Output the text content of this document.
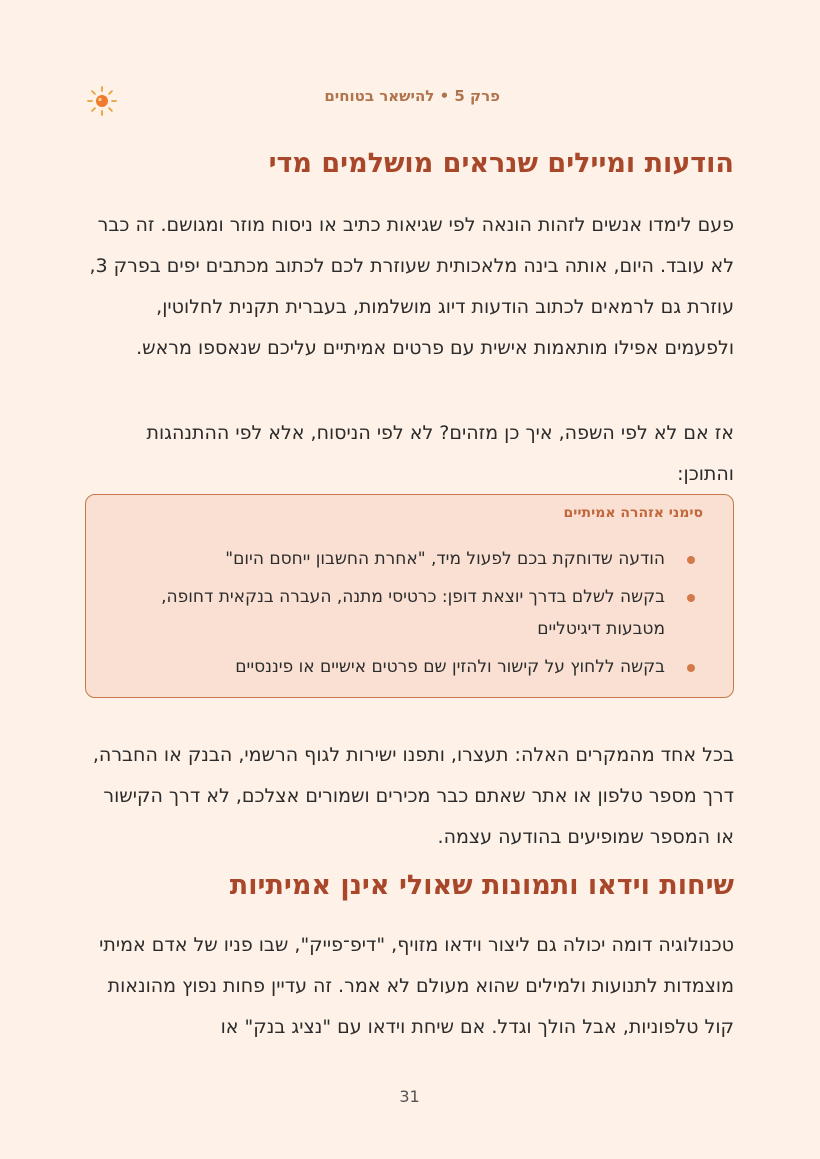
פרק 5 • להישאר בטוחים
הודעות ומיילים שנראים מושלמים מדי

פעם לימדו אנשים לזהות הונאה לפי שגיאות כתיב או ניסוח מוזר ומגושם. זה כבר לא עובד. היום, אותה בינה מלאכותית שעוזרת לכם לכתוב מכתבים יפים בפרק 3, עוזרת גם לרמאים לכתוב הודעות דיוג מושלמות, בעברית תקנית לחלוטין, ולפעמים אפילו מותאמות אישית עם פרטים אמיתיים עליכם שנאספו מראש.

אז אם לא לפי השפה, איך כן מזהים? לא לפי הניסוח, אלא לפי ההתנהגות והתוכן:

סימני אזהרה אמיתיים
הודעה שדוחקת בכם לפעול מיד, "אחרת החשבון ייחסם היום"
בקשה לשלם בדרך יוצאת דופן: כרטיסי מתנה, העברה בנקאית דחופה, מטבעות דיגיטליים
בקשה ללחוץ על קישור ולהזין שם פרטים אישיים או פיננסיים

בכל אחד מהמקרים האלה: תעצרו, ותפנו ישירות לגוף הרשמי, הבנק או החברה, דרך מספר טלפון או אתר שאתם כבר מכירים ושמורים אצלכם, לא דרך הקישור או המספר שמופיעים בהודעה עצמה.

שיחות וידאו ותמונות שאולי אינן אמיתיות

טכנולוגיה דומה יכולה גם ליצור וידאו מזויף, "דיפ־פייק", שבו פניו של אדם אמיתי מוצמדות לתנועות ולמילים שהוא מעולם לא אמר. זה עדיין פחות נפוץ מהונאות קול טלפוניות, אבל הולך וגדל. אם שיחת וידאו עם "נציג בנק" או

31
